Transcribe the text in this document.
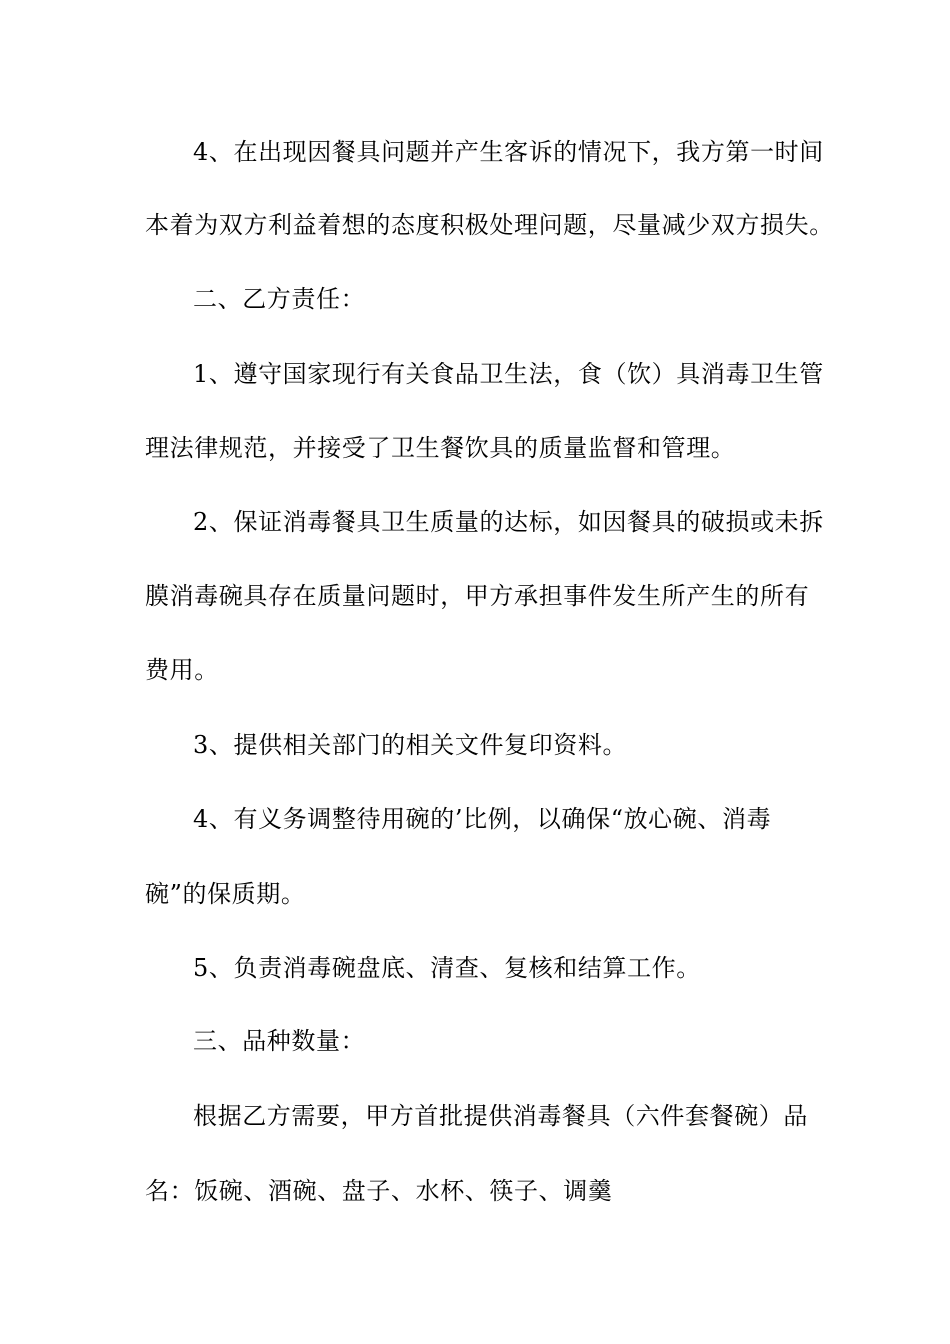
4、在出现因餐具问题并产生客诉的情况下，我方第一时间
本着为双方利益着想的态度积极处理问题，尽量减少双方损失。
二、乙方责任：
1、遵守国家现行有关食品卫生法，食（饮）具消毒卫生管
理法律规范，并接受了卫生餐饮具的质量监督和管理。
2、保证消毒餐具卫生质量的达标，如因餐具的破损或未拆
膜消毒碗具存在质量问题时，甲方承担事件发生所产生的所有
费用。
3、提供相关部门的相关文件复印资料。
4、有义务调整待用碗的’比例，以确保“放心碗、消毒
碗”的保质期。
5、负责消毒碗盘底、清查、复核和结算工作。
三、品种数量：
根据乙方需要，甲方首批提供消毒餐具（六件套餐碗）品
名：饭碗、酒碗、盘子、水杯、筷子、调羹
